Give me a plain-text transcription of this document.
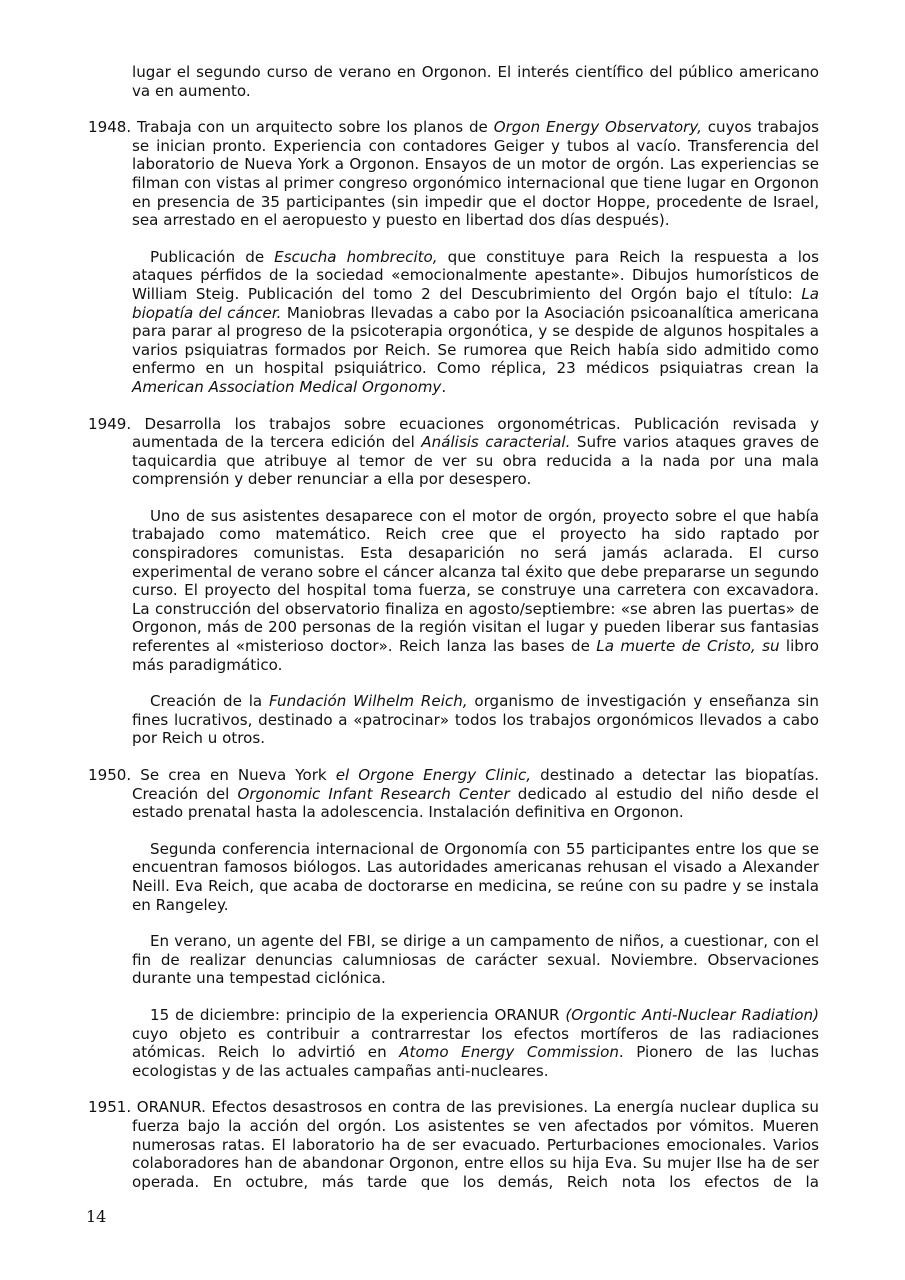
lugar el segundo curso de verano en Orgonon. El interés científico del público americano va en aumento.

1948. Trabaja con un arquitecto sobre los planos de Orgon Energy Observatory, cuyos trabajos se inician pronto. Experiencia con contadores Geiger y tubos al vacío. Transferencia del laboratorio de Nueva York a Orgonon. Ensayos de un motor de orgón. Las experiencias se filman con vistas al primer congreso orgonómico internacional que tiene lugar en Orgonon en presencia de 35 participantes (sin impedir que el doctor Hoppe, procedente de Israel, sea arrestado en el aeropuesto y puesto en libertad dos días después).

Publicación de Escucha hombrecito, que constituye para Reich la respuesta a los ataques pérfidos de la sociedad «emocionalmente apestante». Dibujos humorísticos de William Steig. Publicación del tomo 2 del Descubrimiento del Orgón bajo el título: La biopatía del cáncer. Maniobras llevadas a cabo por la Asociación psicoanalítica americana para parar al progreso de la psicoterapia orgonótica, y se despide de algunos hospitales a varios psiquiatras formados por Reich. Se rumorea que Reich había sido admitido como enfermo en un hospital psiquiátrico. Como réplica, 23 médicos psiquiatras crean la American Association Medical Orgonomy.

1949. Desarrolla los trabajos sobre ecuaciones orgonométricas. Publicación revisada y aumentada de la tercera edición del Análisis caracterial. Sufre varios ataques graves de taquicardia que atribuye al temor de ver su obra reducida a la nada por una mala comprensión y deber renunciar a ella por desespero.

Uno de sus asistentes desaparece con el motor de orgón, proyecto sobre el que había trabajado como matemático. Reich cree que el proyecto ha sido raptado por conspiradores comunistas. Esta desaparición no será jamás aclarada. El curso experimental de verano sobre el cáncer alcanza tal éxito que debe prepararse un segundo curso. El proyecto del hospital toma fuerza, se construye una carretera con excavadora. La construcción del observatorio finaliza en agosto/septiembre: «se abren las puertas» de Orgonon, más de 200 personas de la región visitan el lugar y pueden liberar sus fantasias referentes al «misterioso doctor». Reich lanza las bases de La muerte de Cristo, su libro más paradigmático.

Creación de la Fundación Wilhelm Reich, organismo de investigación y enseñanza sin fines lucrativos, destinado a «patrocinar» todos los trabajos orgonómicos llevados a cabo por Reich u otros.

1950. Se crea en Nueva York el Orgone Energy Clinic, destinado a detectar las biopatías. Creación del Orgonomic Infant Research Center dedicado al estudio del niño desde el estado prenatal hasta la adolescencia. Instalación definitiva en Orgonon.

Segunda conferencia internacional de Orgonomía con 55 participantes entre los que se encuentran famosos biólogos. Las autoridades americanas rehusan el visado a Alexander Neill. Eva Reich, que acaba de doctorarse en medicina, se reúne con su padre y se instala en Rangeley.

En verano, un agente del FBI, se dirige a un campamento de niños, a cuestionar, con el fin de realizar denuncias calumniosas de carácter sexual. Noviembre. Observaciones durante una tempestad ciclónica.

15 de diciembre: principio de la experiencia ORANUR (Orgontic Anti-Nuclear Radiation) cuyo objeto es contribuir a contrarrestar los efectos mortíferos de las radiaciones atómicas. Reich lo advirtió en Atomo Energy Commission. Pionero de las luchas ecologistas y de las actuales campañas anti-nucleares.

1951. ORANUR. Efectos desastrosos en contra de las previsiones. La energía nuclear duplica su fuerza bajo la acción del orgón. Los asistentes se ven afectados por vómitos. Mueren numerosas ratas. El laboratorio ha de ser evacuado. Perturbaciones emocionales. Varios colaboradores han de abandonar Orgonon, entre ellos su hija Eva. Su mujer Ilse ha de ser operada. En octubre, más tarde que los demás, Reich nota los efectos de la

14
